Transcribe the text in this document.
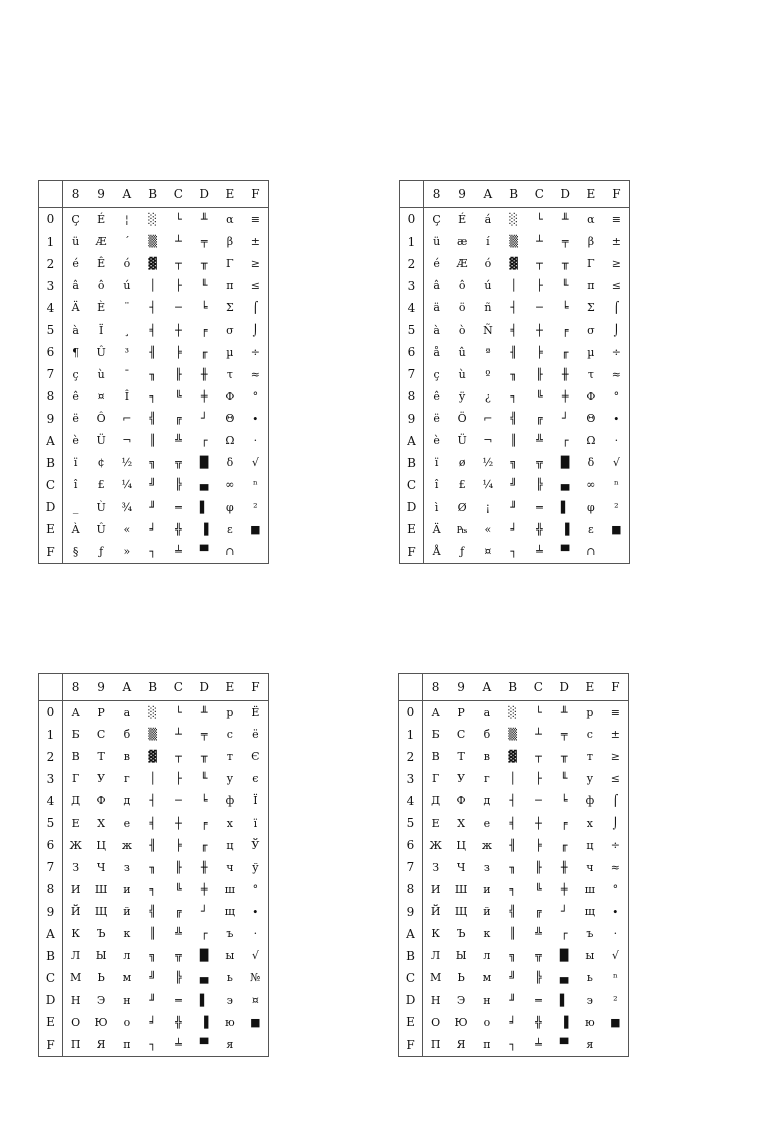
	8	9	A	B	C	D	E	F
0	Ç	É	¦	░	└	╨	α	≡
1	ü	Æ	´	▒	┴	╤	β	±
2	é	Ê	ó	▓	┬	╥	Γ	≥
3	â	ô	ú	│	├	╙	π	≤
4	Ä	È	¨	┤	─	╘	Σ	⌠
5	à	Ï	¸	╡	┼	╒	σ	⌡
6	¶	Û	³	╢	╞	╓	µ	÷
7	ç	ù	¯	╖	╟	╫	τ	≈
8	ê	¤	Î	╕	╚	╪	Φ	°
9	ë	Ô	⌐	╣	╔	┘	Θ	∙
A	è	Ü	¬	║	╩	┌	Ω	·
B	ï	¢	½	╗	╦	█	δ	√
C	î	£	¼	╝	╠	▄	∞	ⁿ
D	_	Ù	¾	╜	═	▌	φ	²
E	À	Û	«	╛	╬	▐	ε	■
F	§	ƒ	»	┐	╧	▀	∩	
	8	9	A	B	C	D	E	F
0	Ç	É	á	░	└	╨	α	≡
1	ü	æ	í	▒	┴	╤	β	±
2	é	Æ	ó	▓	┬	╥	Γ	≥
3	â	ô	ú	│	├	╙	π	≤
4	ä	ö	ñ	┤	─	╘	Σ	⌠
5	à	ò	Ñ	╡	┼	╒	σ	⌡
6	å	û	ª	╢	╞	╓	µ	÷
7	ç	ù	º	╖	╟	╫	τ	≈
8	ê	ÿ	¿	╕	╚	╪	Φ	°
9	ë	Ö	⌐	╣	╔	┘	Θ	∙
A	è	Ü	¬	║	╩	┌	Ω	·
B	ï	ø	½	╗	╦	█	δ	√
C	î	£	¼	╝	╠	▄	∞	ⁿ
D	ì	Ø	¡	╜	═	▌	φ	²
E	Ä	₧	«	╛	╬	▐	ε	■
F	Å	ƒ	¤	┐	╧	▀	∩	
	8	9	A	B	C	D	E	F
0	А	Р	а	░	└	╨	р	Ё
1	Б	С	б	▒	┴	╤	с	ё
2	В	Т	в	▓	┬	╥	т	Є
3	Г	У	г	│	├	╙	у	є
4	Д	Ф	д	┤	─	╘	ф	Ї
5	Е	Х	е	╡	┼	╒	х	ї
6	Ж	Ц	ж	╢	╞	╓	ц	Ў
7	З	Ч	з	╖	╟	╫	ч	ў
8	И	Ш	и	╕	╚	╪	ш	°
9	Й	Щ	й	╣	╔	┘	щ	∙
A	К	Ъ	к	║	╩	┌	ъ	·
B	Л	Ы	л	╗	╦	█	ы	√
C	М	Ь	м	╝	╠	▄	ь	№
D	Н	Э	н	╜	═	▌	э	¤
E	О	Ю	о	╛	╬	▐	ю	■
F	П	Я	п	┐	╧	▀	я	
	8	9	A	B	C	D	E	F
0	А	Р	а	░	└	╨	р	≡
1	Б	С	б	▒	┴	╤	с	±
2	В	Т	в	▓	┬	╥	т	≥
3	Г	У	г	│	├	╙	у	≤
4	Д	Ф	д	┤	─	╘	ф	⌠
5	Е	Х	е	╡	┼	╒	х	⌡
6	Ж	Ц	ж	╢	╞	╓	ц	÷
7	З	Ч	з	╖	╟	╫	ч	≈
8	И	Ш	и	╕	╚	╪	ш	°
9	Й	Щ	й	╣	╔	┘	щ	∙
A	К	Ъ	к	║	╩	┌	ъ	·
B	Л	Ы	л	╗	╦	█	ы	√
C	М	Ь	м	╝	╠	▄	ь	ⁿ
D	Н	Э	н	╜	═	▌	э	²
E	О	Ю	о	╛	╬	▐	ю	■
F	П	Я	п	┐	╧	▀	я	
